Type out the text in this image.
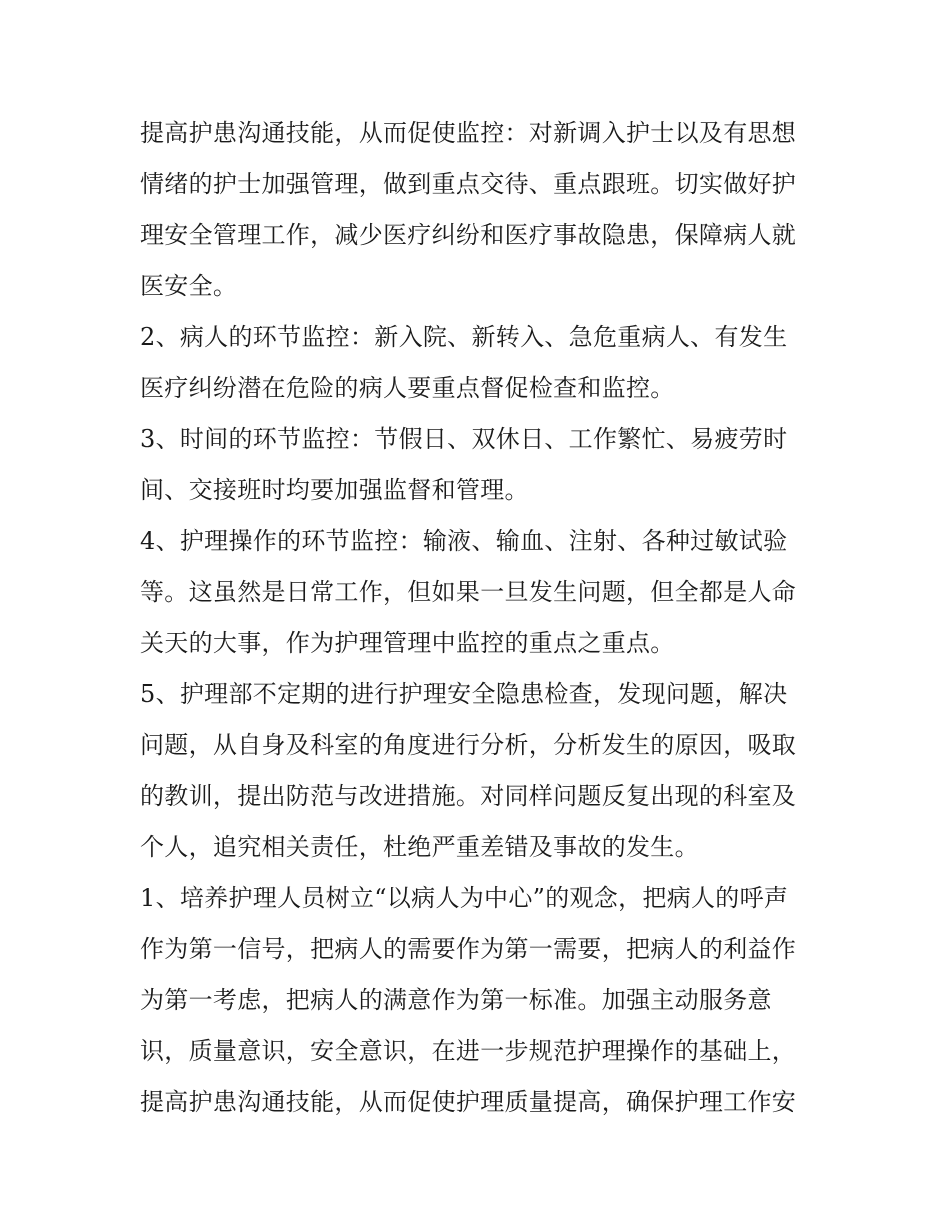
提高护患沟通技能，从而促使监控：对新调入护士以及有思想
情绪的护士加强管理，做到重点交待、重点跟班。切实做好护
理安全管理工作，减少医疗纠纷和医疗事故隐患，保障病人就
医安全。
2、病人的环节监控：新入院、新转入、急危重病人、有发生
医疗纠纷潜在危险的病人要重点督促检查和监控。
3、时间的环节监控：节假日、双休日、工作繁忙、易疲劳时
间、交接班时均要加强监督和管理。
4、护理操作的环节监控：输液、输血、注射、各种过敏试验
等。这虽然是日常工作，但如果一旦发生问题，但全都是人命
关天的大事，作为护理管理中监控的重点之重点。
5、护理部不定期的进行护理安全隐患检查，发现问题，解决
问题，从自身及科室的角度进行分析，分析发生的原因，吸取
的教训，提出防范与改进措施。对同样问题反复出现的科室及
个人，追究相关责任，杜绝严重差错及事故的发生。
1、培养护理人员树立“以病人为中心”的观念，把病人的呼声
作为第一信号，把病人的需要作为第一需要，把病人的利益作
为第一考虑，把病人的满意作为第一标准。加强主动服务意
识，质量意识，安全意识，在进一步规范护理操作的基础上，
提高护患沟通技能，从而促使护理质量提高，确保护理工作安
